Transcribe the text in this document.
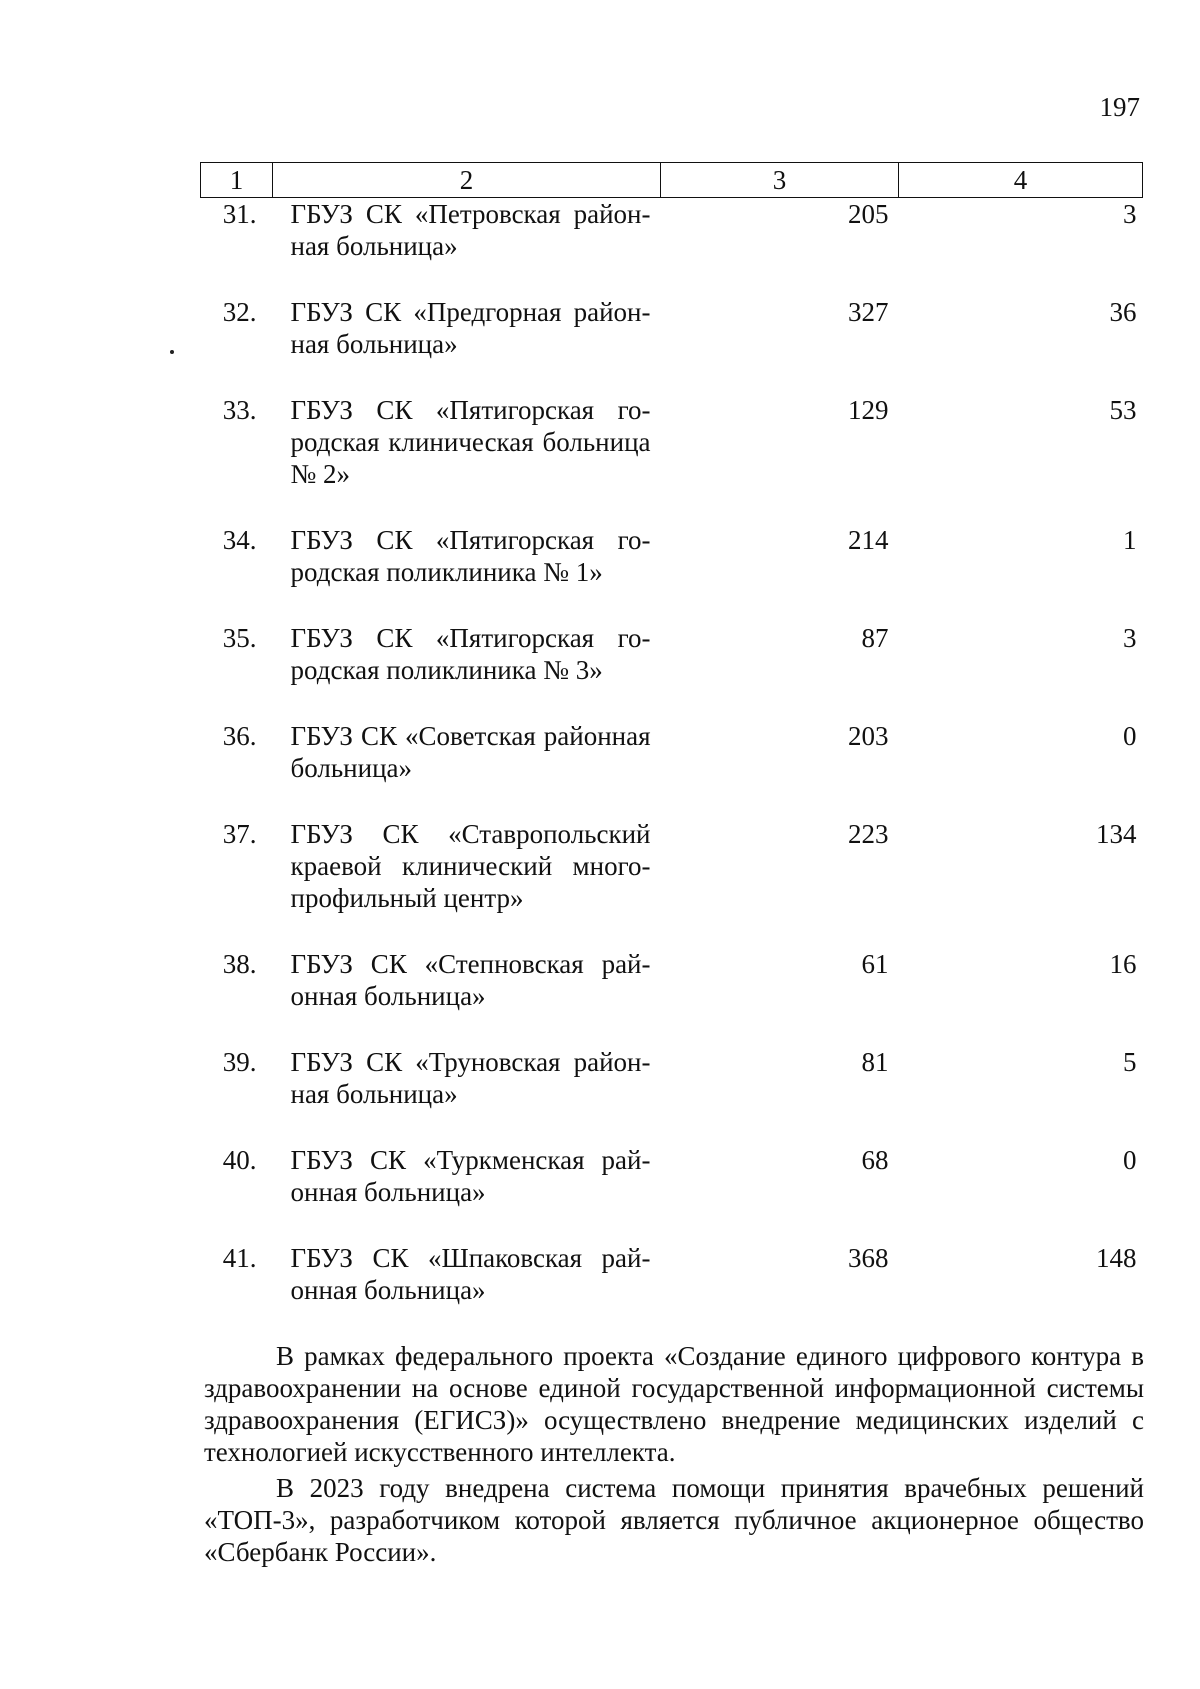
197
1	2	3	4
31.	ГБУЗ СК «Петровская районная больница»	205	3
32.	ГБУЗ СК «Предгорная районная больница»	327	36
33.	ГБУЗ СК «Пятигорская городская клиническая больница № 2»	129	53
34.	ГБУЗ СК «Пятигорская городская поликлиника № 1»	214	1
35.	ГБУЗ СК «Пятигорская городская поликлиника № 3»	87	3
36.	ГБУЗ СК «Советская районная больница»	203	0
37.	ГБУЗ СК «Ставропольский краевой клинический многопрофильный центр»	223	134
38.	ГБУЗ СК «Степновская районная больница»	61	16
39.	ГБУЗ СК «Труновская районная больница»	81	5
40.	ГБУЗ СК «Туркменская районная больница»	68	0
41.	ГБУЗ СК «Шпаковская районная больница»	368	148

В рамках федерального проекта «Создание единого цифрового контура в здравоохранении на основе единой государственной информационной системы здравоохранения (ЕГИСЗ)» осуществлено внедрение медицинских изделий с технологией искусственного интеллекта.

В 2023 году внедрена система помощи принятия врачебных решений «ТОП-3», разработчиком которой является публичное акционерное общество «Сбербанк России».
